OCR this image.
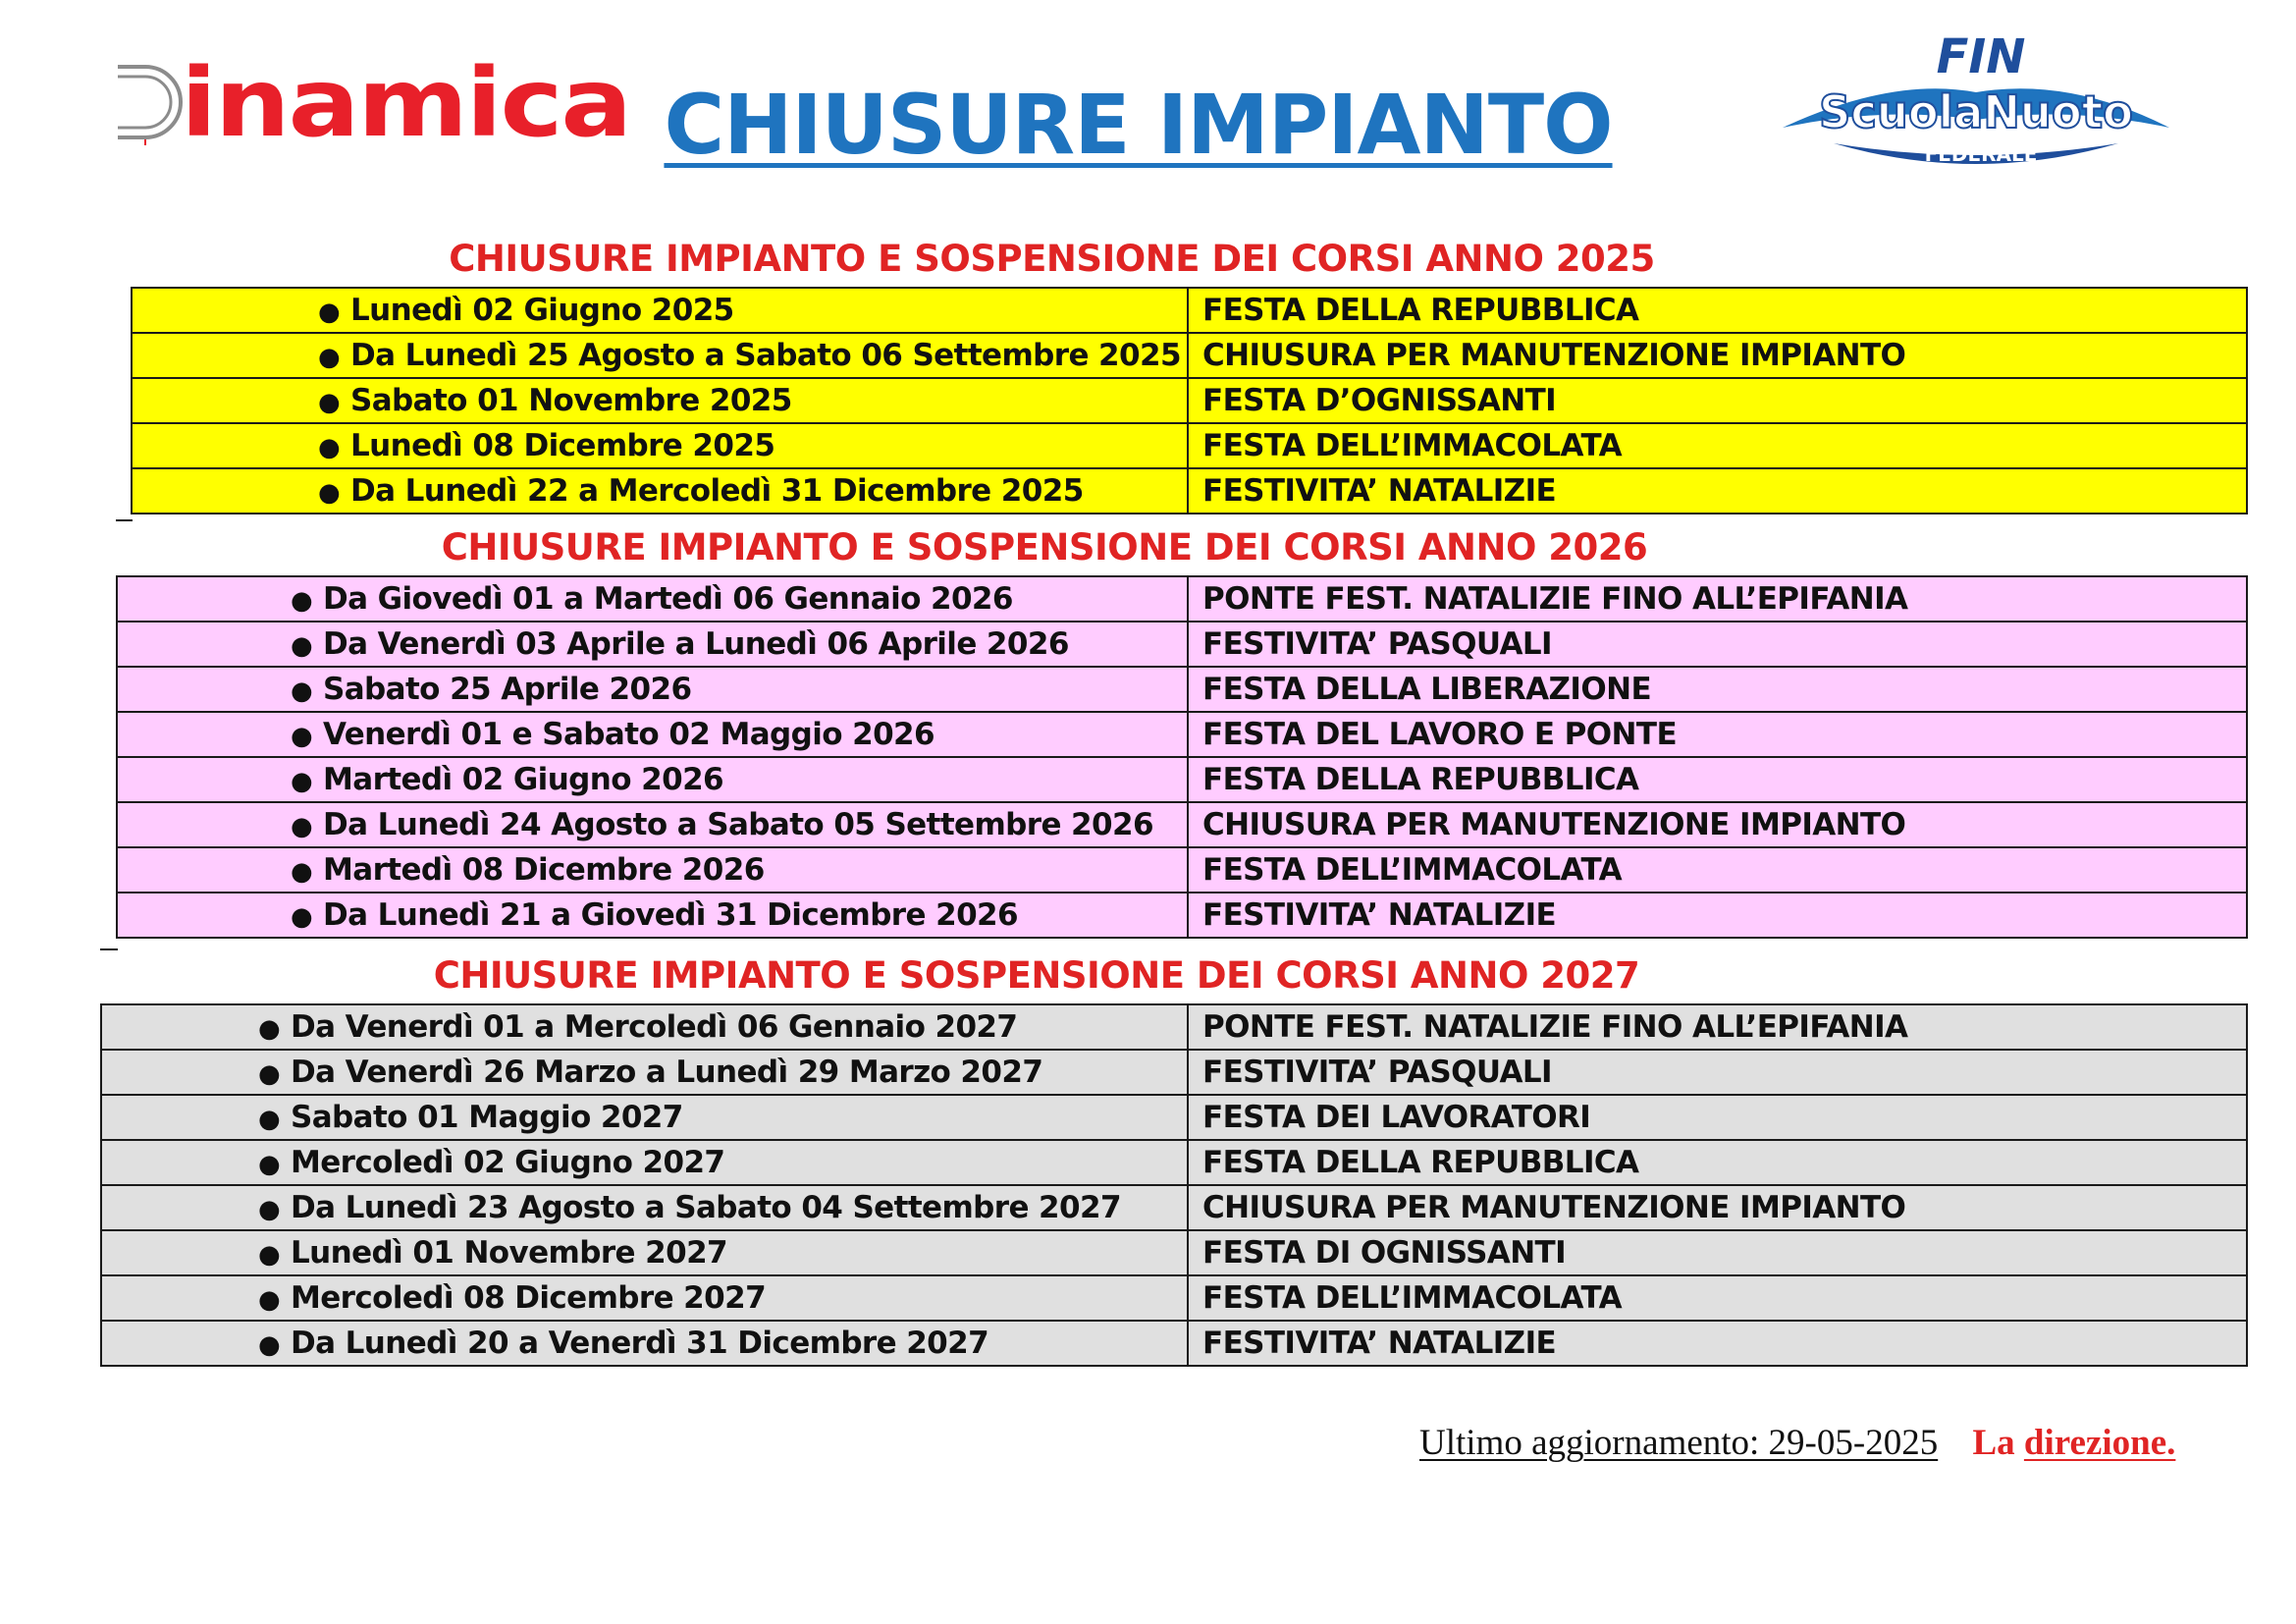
inamica CHIUSURE IMPIANTO
FIN
ScuolaNuoto
FEDERALE
CHIUSURE IMPIANTO E SOSPENSIONE DEI CORSI ANNO 2025
● Lunedì 02 Giugno 2025	FESTA DELLA REPUBBLICA
● Da Lunedì 25 Agosto a Sabato 06 Settembre 2025	CHIUSURA PER MANUTENZIONE IMPIANTO
● Sabato 01 Novembre 2025	FESTA D’OGNISSANTI
● Lunedì 08 Dicembre 2025	FESTA DELL’IMMACOLATA
● Da Lunedì 22 a Mercoledì 31 Dicembre 2025	FESTIVITA’ NATALIZIE
CHIUSURE IMPIANTO E SOSPENSIONE DEI CORSI ANNO 2026
● Da Giovedì 01 a Martedì 06 Gennaio 2026	PONTE FEST. NATALIZIE FINO ALL’EPIFANIA
● Da Venerdì 03 Aprile a Lunedì 06 Aprile 2026	FESTIVITA’ PASQUALI
● Sabato 25 Aprile 2026	FESTA DELLA LIBERAZIONE
● Venerdì 01 e Sabato 02 Maggio 2026	FESTA DEL LAVORO E PONTE
● Martedì 02 Giugno 2026	FESTA DELLA REPUBBLICA
● Da Lunedì 24 Agosto a Sabato 05 Settembre 2026	CHIUSURA PER MANUTENZIONE IMPIANTO
● Martedì 08 Dicembre 2026	FESTA DELL’IMMACOLATA
● Da Lunedì 21 a Giovedì 31 Dicembre 2026	FESTIVITA’ NATALIZIE
CHIUSURE IMPIANTO E SOSPENSIONE DEI CORSI ANNO 2027
● Da Venerdì 01 a Mercoledì 06 Gennaio 2027	PONTE FEST. NATALIZIE FINO ALL’EPIFANIA
● Da Venerdì 26 Marzo a Lunedì 29 Marzo 2027	FESTIVITA’ PASQUALI
● Sabato 01 Maggio 2027	FESTA DEI LAVORATORI
● Mercoledì 02 Giugno 2027	FESTA DELLA REPUBBLICA
● Da Lunedì 23 Agosto a Sabato 04 Settembre 2027	CHIUSURA PER MANUTENZIONE IMPIANTO
● Lunedì 01 Novembre 2027	FESTA DI OGNISSANTI
● Mercoledì 08 Dicembre 2027	FESTA DELL’IMMACOLATA
● Da Lunedì 20 a Venerdì 31 Dicembre 2027	FESTIVITA’ NATALIZIE
Ultimo aggiornamento: 29-05-2025 La direzione.
